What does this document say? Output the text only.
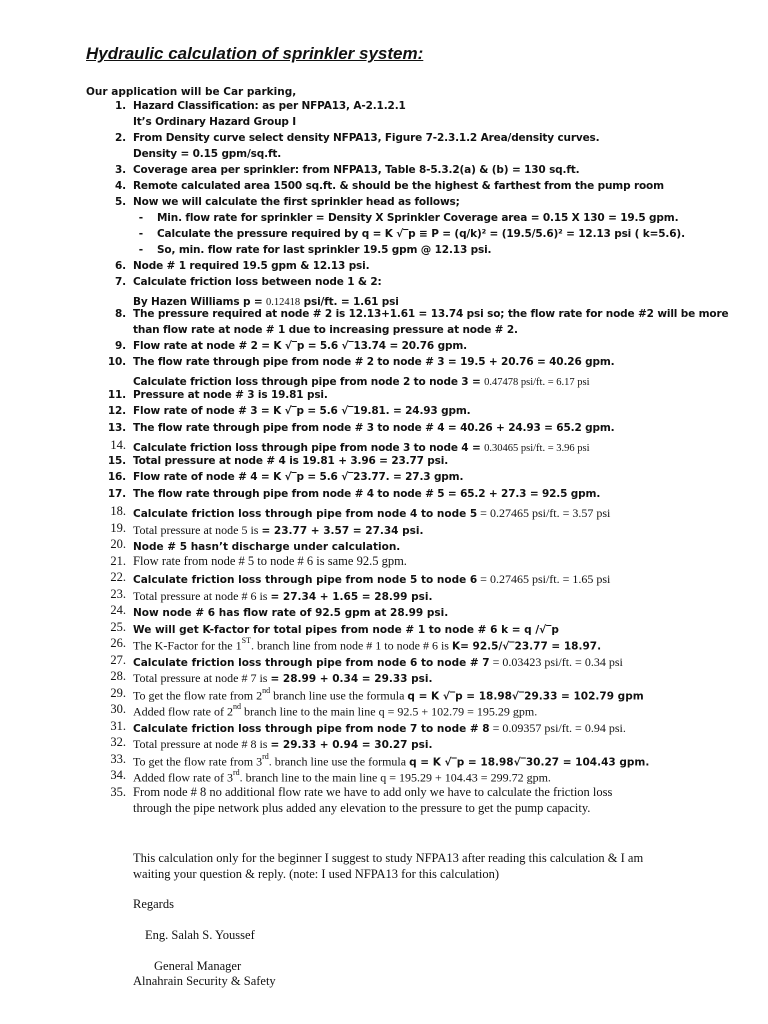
Hydraulic calculation of sprinkler system:
Our application will be Car parking,
1. Hazard Classification: as per NFPA13, A-2.1.2.1
It’s Ordinary Hazard Group I
2. From Density curve select density NFPA13, Figure 7-2.3.1.2 Area/density curves.
Density = 0.15 gpm/sq.ft.
3. Coverage area per sprinkler: from NFPA13, Table 8-5.3.2(a) & (b) = 130 sq.ft.
4. Remote calculated area 1500 sq.ft. & should be the highest & farthest from the pump room
5. Now we will calculate the first sprinkler head as follows;
- Min. flow rate for sprinkler = Density X Sprinkler Coverage area = 0.15 X 130 = 19.5 gpm.
- Calculate the pressure required by q = K √‾p ≡ P = (q/k)² = (19.5/5.6)² = 12.13 psi ( k=5.6).
- So, min. flow rate for last sprinkler 19.5 gpm @ 12.13 psi.
6. Node # 1 required 19.5 gpm & 12.13 psi.
7. Calculate friction loss between node 1 & 2:
By Hazen Williams p = 0.12418 psi/ft. = 1.61 psi
8. The pressure required at node # 2 is 12.13+1.61 = 13.74 psi so; the flow rate for node #2 will be more
than flow rate at node # 1 due to increasing pressure at node # 2.
9. Flow rate at node # 2 = K √‾p = 5.6 √‾13.74 = 20.76 gpm.
10. The flow rate through pipe from node # 2 to node # 3 = 19.5 + 20.76 = 40.26 gpm.
Calculate friction loss through pipe from node 2 to node 3 = 0.47478 psi/ft. = 6.17 psi
11. Pressure at node # 3 is 19.81 psi.
12. Flow rate of node # 3 = K √‾p = 5.6 √‾19.81. = 24.93 gpm.
13. The flow rate through pipe from node # 3 to node # 4 = 40.26 + 24.93 = 65.2 gpm.
14. Calculate friction loss through pipe from node 3 to node 4 = 0.30465 psi/ft. = 3.96 psi
15. Total pressure at node # 4 is 19.81 + 3.96 = 23.77 psi.
16. Flow rate of node # 4 = K √‾p = 5.6 √‾23.77. = 27.3 gpm.
17. The flow rate through pipe from node # 4 to node # 5 = 65.2 + 27.3 = 92.5 gpm.
18. Calculate friction loss through pipe from node 4 to node 5 = 0.27465 psi/ft. = 3.57 psi
19. Total pressure at node 5 is = 23.77 + 3.57 = 27.34 psi.
20. Node # 5 hasn’t discharge under calculation.
21. Flow rate from node # 5 to node # 6 is same 92.5 gpm.
22. Calculate friction loss through pipe from node 5 to node 6 = 0.27465 psi/ft. = 1.65 psi
23. Total pressure at node # 6 is = 27.34 + 1.65 = 28.99 psi.
24. Now node # 6 has flow rate of 92.5 gpm at 28.99 psi.
25. We will get K-factor for total pipes from node # 1 to node # 6 k = q /√‾p
26. The K-Factor for the 1ST. branch line from node # 1 to node # 6 is K= 92.5/√‾23.77 = 18.97.
27. Calculate friction loss through pipe from node 6 to node # 7 = 0.03423 psi/ft. = 0.34 psi
28. Total pressure at node # 7 is = 28.99 + 0.34 = 29.33 psi.
29. To get the flow rate from 2nd branch line use the formula q = K √‾p = 18.98√‾29.33 = 102.79 gpm
30. Added flow rate of 2nd branch line to the main line q = 92.5 + 102.79 = 195.29 gpm.
31. Calculate friction loss through pipe from node 7 to node # 8 = 0.09357 psi/ft. = 0.94 psi.
32. Total pressure at node # 8 is = 29.33 + 0.94 = 30.27 psi.
33. To get the flow rate from 3rd. branch line use the formula q = K √‾p = 18.98√‾30.27 = 104.43 gpm.
34. Added flow rate of 3rd. branch line to the main line q = 195.29 + 104.43 = 299.72 gpm.
35. From node # 8 no additional flow rate we have to add only we have to calculate the friction loss
through the pipe network plus added any elevation to the pressure to get the pump capacity.
This calculation only for the beginner I suggest to study NFPA13 after reading this calculation & I am
waiting your question & reply. (note: I used NFPA13 for this calculation)
Regards
Eng. Salah S. Youssef
General Manager
Alnahrain Security & Safety
